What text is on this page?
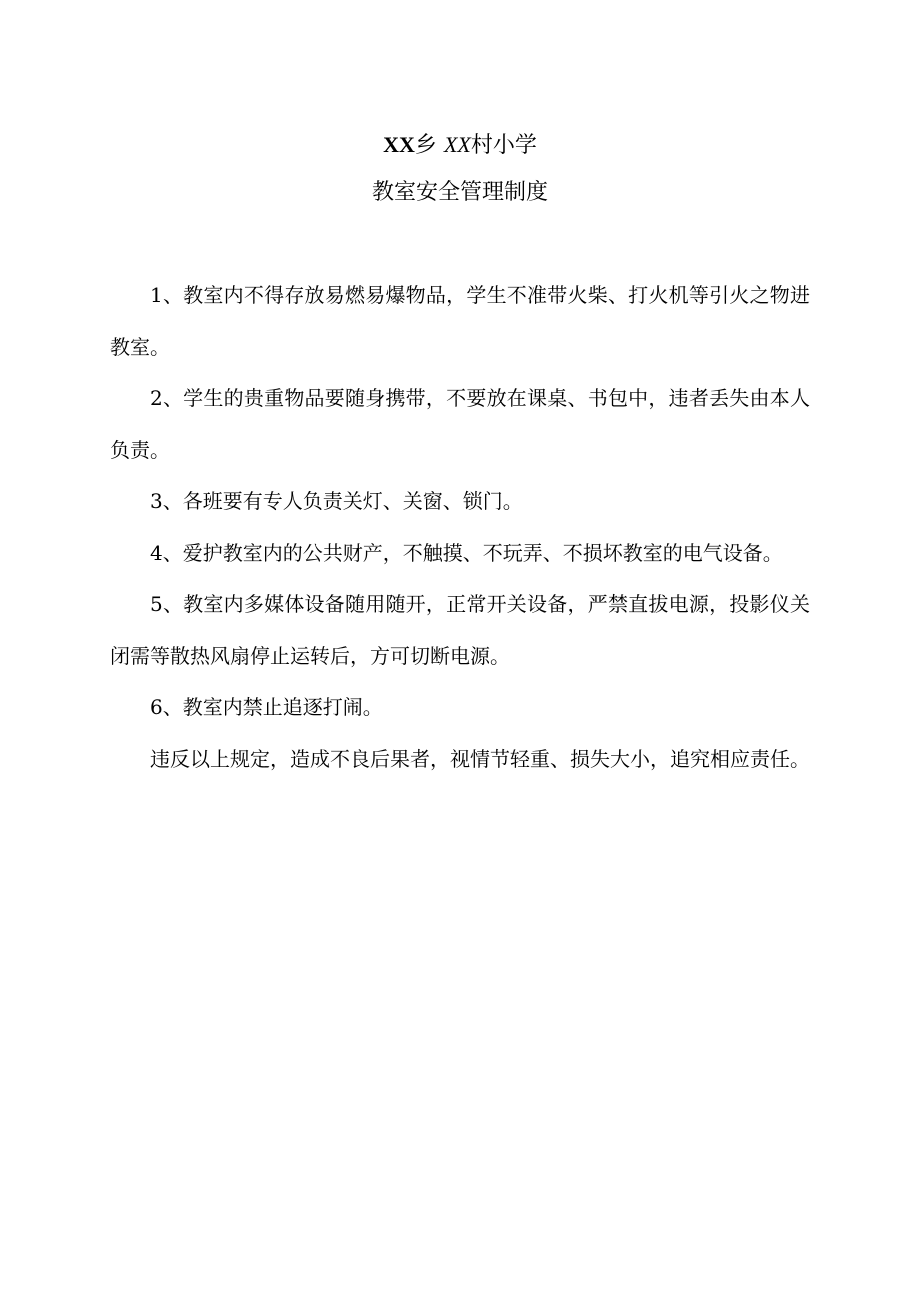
XX乡 XX村小学
教室安全管理制度

1、教室内不得存放易燃易爆物品，学生不准带火柴、打火机等引火之物进教室。

2、学生的贵重物品要随身携带，不要放在课桌、书包中，违者丢失由本人负责。

3、各班要有专人负责关灯、关窗、锁门。

4、爱护教室内的公共财产，不触摸、不玩弄、不损坏教室的电气设备。

5、教室内多媒体设备随用随开，正常开关设备，严禁直拔电源，投影仪关闭需等散热风扇停止运转后，方可切断电源。

6、教室内禁止追逐打闹。

违反以上规定，造成不良后果者，视情节轻重、损失大小，追究相应责任。
